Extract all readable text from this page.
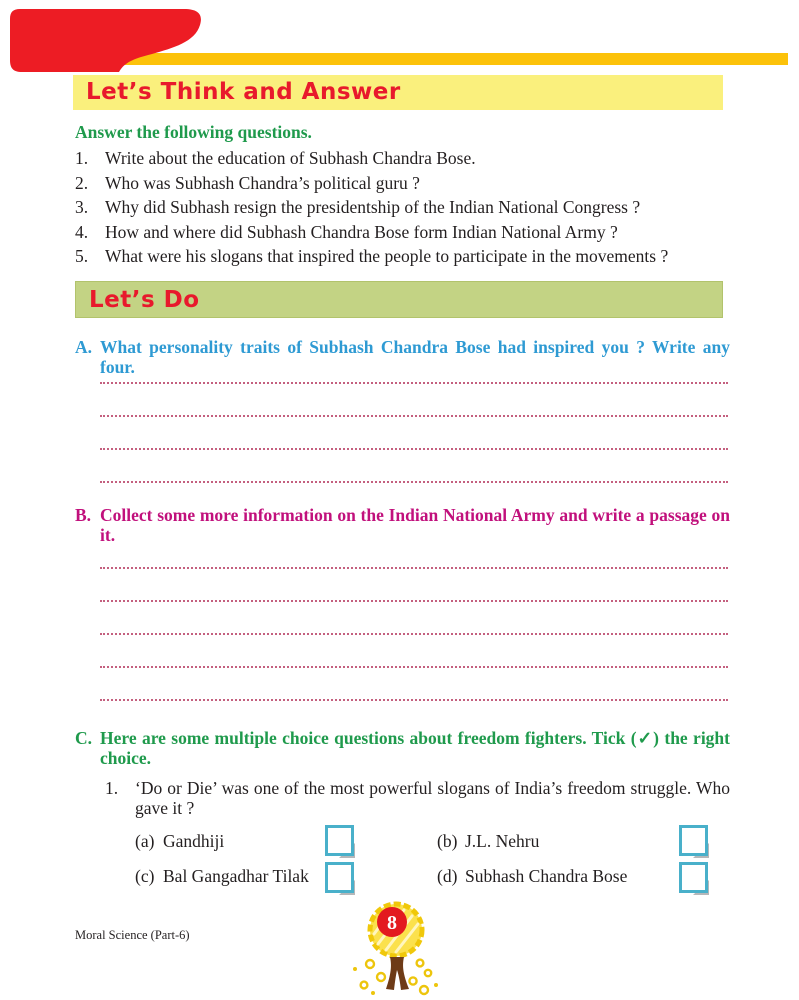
Let’s Think and Answer
Answer the following questions.
1. Write about the education of Subhash Chandra Bose.
2. Who was Subhash Chandra’s political guru ?
3. Why did Subhash resign the presidentship of the Indian National Congress ?
4. How and where did Subhash Chandra Bose form Indian National Army ?
5. What were his slogans that inspired the people to participate in the movements ?
Let’s Do
A. What personality traits of Subhash Chandra Bose had inspired you ? Write any four.
B. Collect some more information on the Indian National Army and write a passage on it.
C. Here are some multiple choice questions about freedom fighters. Tick (✓) the right choice.
1. ‘Do or Die’ was one of the most powerful slogans of India’s freedom struggle. Who gave it ?
(a) Gandhiji	(b) J.L. Nehru
(c) Bal Gangadhar Tilak	(d) Subhash Chandra Bose
Moral Science (Part-6)
8
